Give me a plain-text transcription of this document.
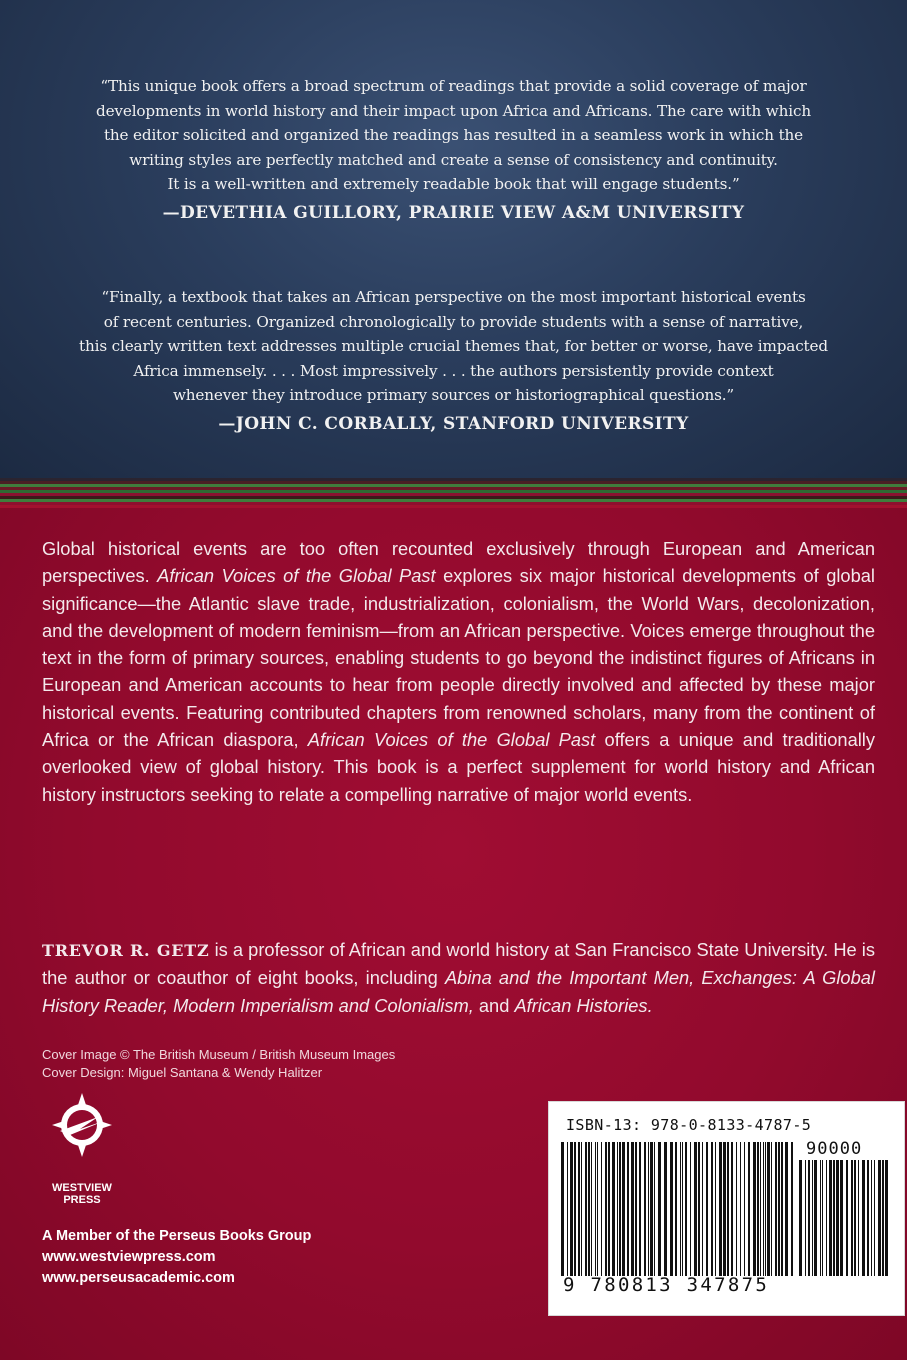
“This unique book offers a broad spectrum of readings that provide a solid coverage of major
developments in world history and their impact upon Africa and Africans. The care with which
the editor solicited and organized the readings has resulted in a seamless work in which the
writing styles are perfectly matched and create a sense of consistency and continuity.
It is a well-written and extremely readable book that will engage students.”

—DEVETHIA GUILLORY, PRAIRIE VIEW A&M UNIVERSITY

“Finally, a textbook that takes an African perspective on the most important historical events
of recent centuries. Organized chronologically to provide students with a sense of narrative,
this clearly written text addresses multiple crucial themes that, for better or worse, have impacted
Africa immensely. . . . Most impressively . . . the authors persistently provide context
whenever they introduce primary sources or historiographical questions.”

—JOHN C. CORBALLY, STANFORD UNIVERSITY

Global historical events are too often recounted exclusively through European and American perspectives. African Voices of the Global Past explores six major historical developments of global significance—the Atlantic slave trade, industrialization, colonialism, the World Wars, decolonization, and the development of modern feminism—from an African perspective. Voices emerge throughout the text in the form of primary sources, enabling students to go beyond the indistinct figures of Africans in European and American accounts to hear from people directly involved and affected by these major historical events. Featuring contributed chapters from renowned scholars, many from the continent of Africa or the African diaspora, African Voices of the Global Past offers a unique and traditionally overlooked view of global history. This book is a perfect supplement for world history and African history instructors seeking to relate a compelling narrative of major world events.

TREVOR R. GETZ is a professor of African and world history at San Francisco State University. He is the author or coauthor of eight books, including Abina and the Important Men, Exchanges: A Global History Reader, Modern Imperialism and Colonialism, and African Histories.

Cover Image © The British Museum / British Museum Images
Cover Design: Miguel Santana & Wendy Halitzer
WESTVIEW
PRESS
A Member of the Perseus Books Group
www.westviewpress.com
www.perseusacademic.com
ISBN-13: 978-0-8133-4787-5
90000
9 780813 347875
